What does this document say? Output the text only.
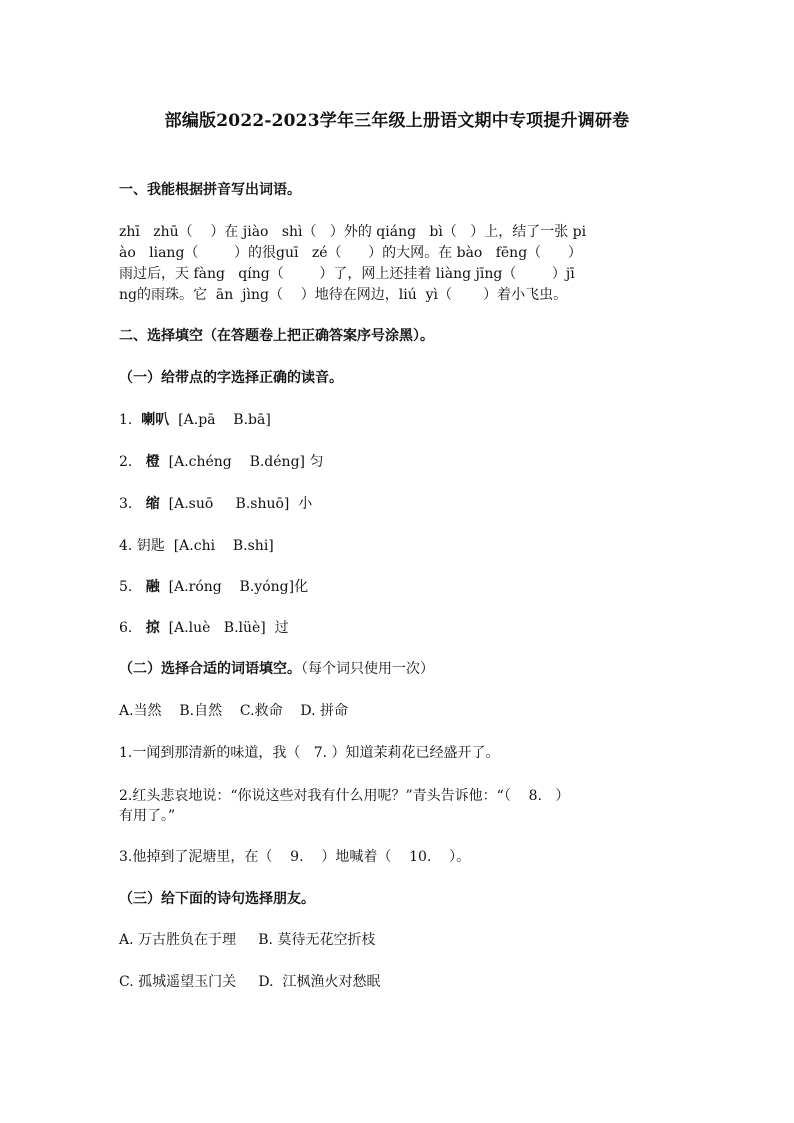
部编版2022-2023学年三年级上册语文期中专项提升调研卷
一、我能根据拼音写出词语。
zhī   zhū（    ）在 jiào   shì（   ）外的 qiáng   bì（   ）上，结了一张 pi
ào   liang（        ）的很guī   zé（      ）的大网。在 bào   fēng（      ）
雨过后，天 fàng   qíng（        ）了，网上还挂着 liàng jīng（        ）jī
ng的雨珠。它  ān  jìng（    ）地待在网边，liú  yì（       ）着小飞虫。
二、选择填空（在答题卷上把正确答案序号涂黑）。
（一）给带点的字选择正确的读音。
1. 喇叭 [A.pā    B.bā]
2. 橙 [A.chéng    B.déng] 匀
3. 缩 [A.suō     B.shuō] 小
4. 钥匙 [A.chi    B.shi]
5. 融 [A.róng    B.yóng]化
6. 掠 [A.luè   B.lüè] 过
（二）选择合适的词语填空。（每个词只使用一次）
A.当然    B.自然    C.救命    D. 拼命
1.一闻到那清新的味道，我（   7. ）知道茉莉花已经盛开了。
2.红头悲哀地说：“你说这些对我有什么用呢？”青头告诉他：“（    8.   ）
有用了。”
3.他掉到了泥塘里，在（    9.    ）地喊着（    10.    ）。
（三）给下面的诗句选择朋友。
A. 万古胜负在于理     B. 莫待无花空折枝
C. 孤城遥望玉门关     D.  江枫渔火对愁眠
